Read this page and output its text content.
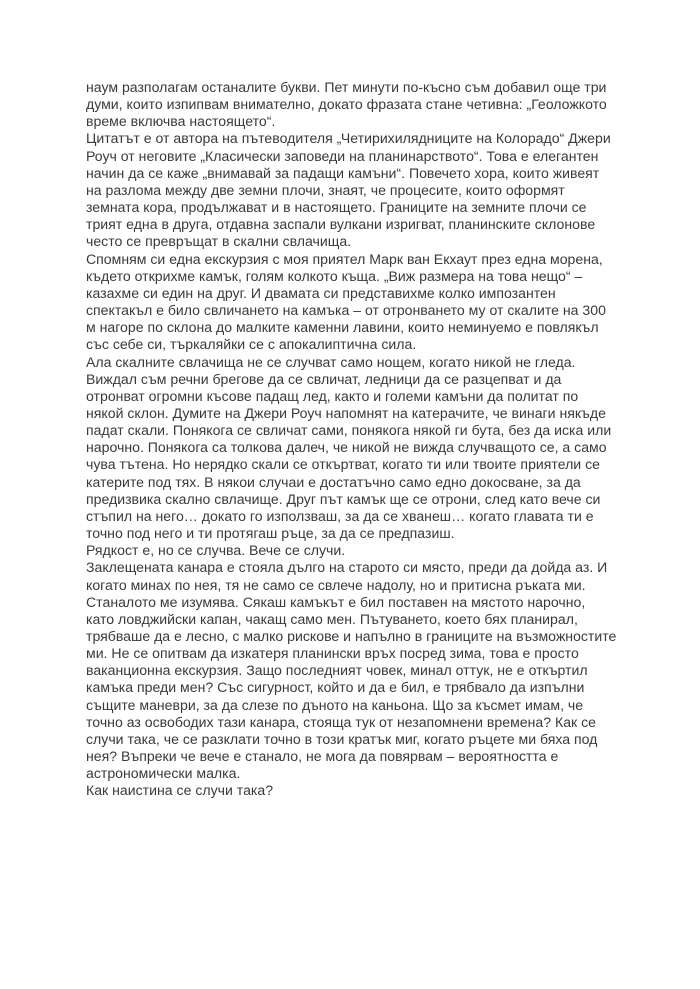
наум разполагам останалите букви. Пет минути по-късно съм добавил още три
думи, които изпипвам внимателно, докато фразата стане четивна: „Геоложкото
време включва настоящето“.
Цитатът е от автора на пътеводителя „Четирихилядниците на Колорадо“ Джери
Роуч от неговите „Класически заповеди на планинарството“. Това е елегантен
начин да се каже „внимавай за падащи камъни“. Повечето хора, които живеят
на разлома между две земни плочи, знаят, че процесите, които оформят
земната кора, продължават и в настоящето. Границите на земните плочи се
трият една в друга, отдавна заспали вулкани изригват, планинските склонове
често се превръщат в скални свлачища.
Спомням си една екскурзия с моя приятел Марк ван Екхаут през една морена,
където открихме камък, голям колкото къща. „Виж размера на това нещо“ –
казахме си един на друг. И двамата си представихме колко импозантен
спектакъл е било свличането на камъка – от отронването му от скалите на 300
м нагоре по склона до малките каменни лавини, които неминуемо е повлякъл
със себе си, търкаляйки се с апокалиптична сила.
Ала скалните свлачища не се случват само нощем, когато никой не гледа.
Виждал съм речни брегове да се свличат, ледници да се разцепват и да
отронват огромни късове падащ лед, както и големи камъни да политат по
някой склон. Думите на Джери Роуч напомнят на катерачите, че винаги някъде
падат скали. Понякога се свличат сами, понякога някой ги бута, без да иска или
нарочно. Понякога са толкова далеч, че никой не вижда случващото се, а само
чува тътена. Но нерядко скали се откъртват, когато ти или твоите приятели се
катерите под тях. В някои случаи е достатъчно само едно докосване, за да
предизвика скално свлачище. Друг път камък ще се отрони, след като вече си
стъпил на него… докато го използваш, за да се хванеш… когато главата ти е
точно под него и ти протягаш ръце, за да се предпазиш.
Рядкост е, но се случва. Вече се случи.
Заклещената канара е стояла дълго на старото си място, преди да дойда аз. И
когато минах по нея, тя не само се свлече надолу, но и притисна ръката ми.
Станалото ме изумява. Сякаш камъкът е бил поставен на мястото нарочно,
като ловджийски капан, чакащ само мен. Пътуването, което бях планирал,
трябваше да е лесно, с малко рискове и напълно в границите на възможностите
ми. Не се опитвам да изкатеря планински връх посред зима, това е просто
ваканционна екскурзия. Защо последният човек, минал оттук, не е откъртил
камъка преди мен? Със сигурност, който и да е бил, е трябвало да изпълни
същите маневри, за да слезе по дъното на каньона. Що за късмет имам, че
точно аз освободих тази канара, стояща тук от незапомнени времена? Как се
случи така, че се разклати точно в този кратък миг, когато ръцете ми бяха под
нея? Въпреки че вече е станало, не мога да повярвам – вероятността е
астрономически малка.
Как наистина се случи така?
